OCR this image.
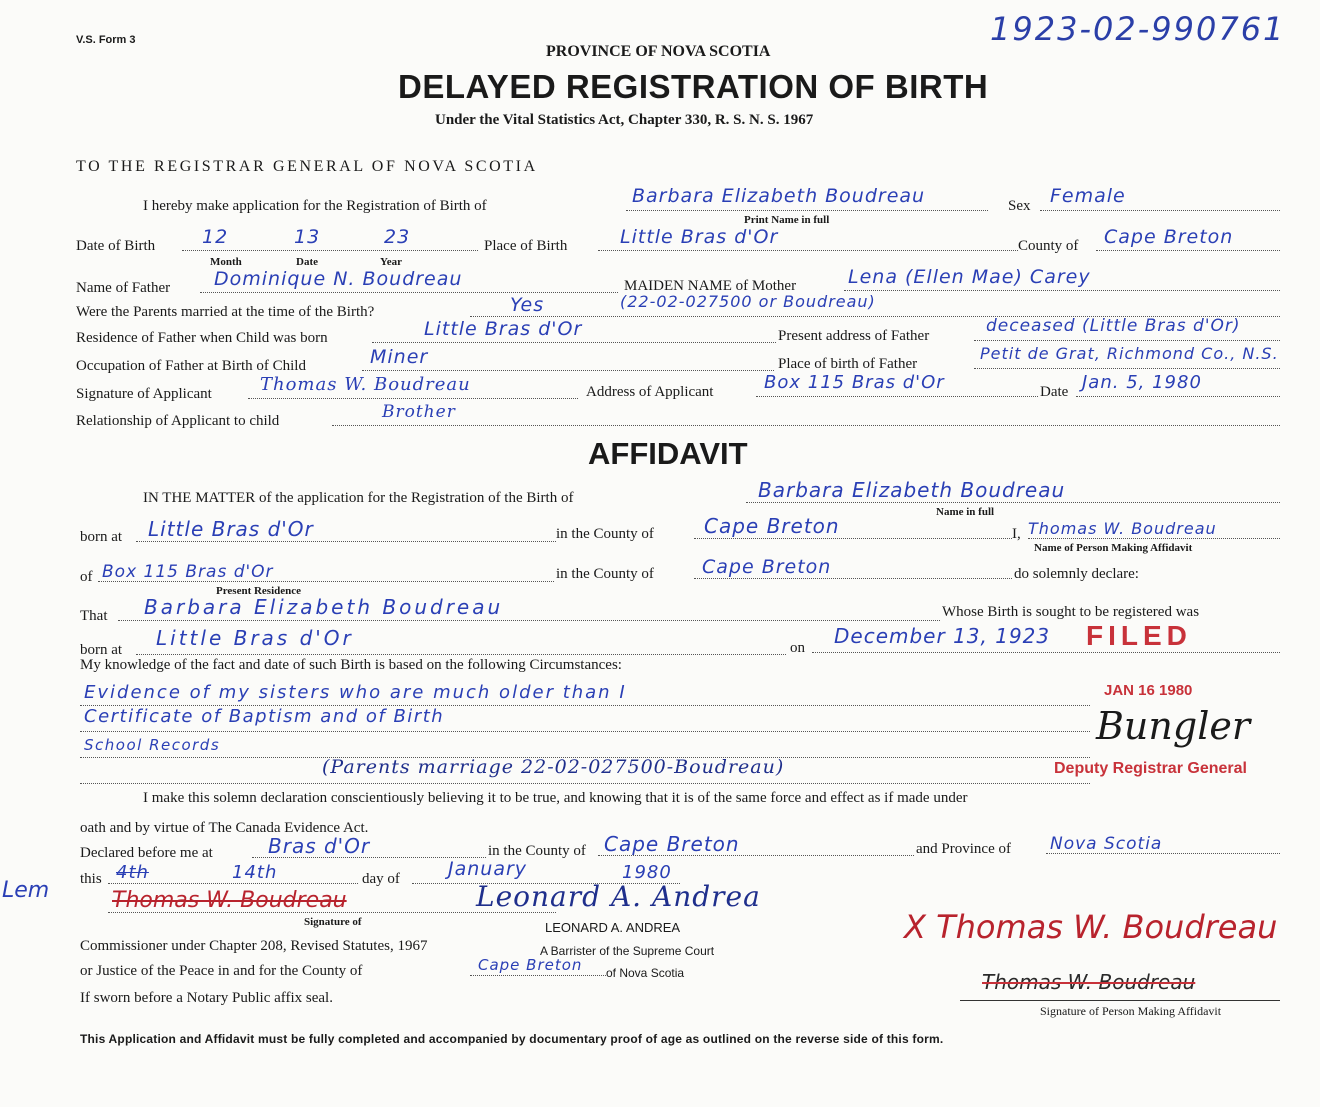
V.S. Form 3	1923-02-990761
PROVINCE OF NOVA SCOTIA
DELAYED REGISTRATION OF BIRTH
Under the Vital Statistics Act, Chapter 330, R. S. N. S. 1967
TO THE REGISTRAR GENERAL OF NOVA SCOTIA
I hereby make application for the Registration of Birth of	Barbara Elizabeth Boudreau	Sex Female
Print Name in full
Date of Birth 12	13	23
Month	Date	Year
Place of Birth	Little Bras d'Or	County of Cape Breton
Name of Father Dominique N. Boudreau	MAIDEN NAME of Mother	Lena (Ellen Mae) Carey
Were the Parents married at the time of the Birth?	Yes	(22-02-027500 or Boudreau)
Residence of Father when Child was born	Little Bras d'Or	Present address of Father	deceased (Little Bras d'Or)
Occupation of Father at Birth of Child	Miner	Place of birth of Father
Petit de Grat, Richmond Co., N.S.
Signature of Applicant	Thomas W. Boudreau	Address of Applicant	Box 115 Bras d'Or	Date Jan. 5, 1980
Relationship of Applicant to child	Brother
AFFIDAVIT
IN THE MATTER of the application for the Registration of the Birth of	Barbara Elizabeth Boudreau
Name in full
born at Little Bras d'Or	in the County of	Cape Breton	I, Thomas W. Boudreau
Name of Person Making Affidavit
of Box 115 Bras d'Or
Present Residence
in the County of	Cape Breton	do solemnly declare:
That Barbara Elizabeth Boudreau	Whose Birth is sought to be registered was
born at Little Bras d'Or	on December 13, 1923 FILED
My knowledge of the fact and date of such Birth is based on the following Circumstances:
Evidence of my sisters who are much older than I
Certificate of Baptism and of Birth
School Records
(Parents marriage 22-02-027500-Boudreau)
JAN 16 1980
Bungler
Deputy Registrar General
I make this solemn declaration conscientiously believing it to be true, and knowing that it is of the same force and effect as if made under
oath and by virtue of The Canada Evidence Act.
Declared before me at	Bras d'Or	in the County of Cape Breton	and Province of Nova Scotia
Lem this 4th	14th	day of	January	1980
Thomas W. Boudreau	Leonard A. Andrea
Signature of	LEONARD A. ANDREA
A Barrister of the Supreme Court
of Nova Scotia
Commissioner under Chapter 208, Revised Statutes, 1967
or Justice of the Peace in and for the County of	Cape Breton
If sworn before a Notary Public affix seal.
X Thomas W. Boudreau
Thomas W. Boudreau
Signature of Person Making Affidavit
This Application and Affidavit must be fully completed and accompanied by documentary proof of age as outlined on the reverse side of this form.
